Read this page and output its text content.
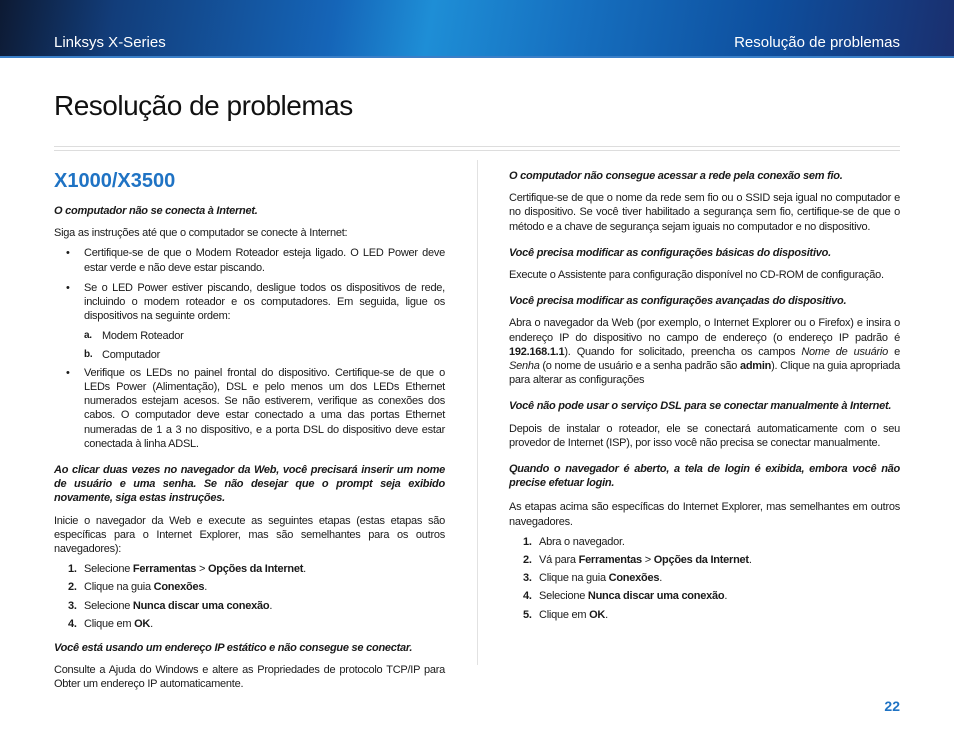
Linksys X-Series	Resolução de problemas
Resolução de problemas
X1000/X3500
O computador não se conecta à Internet.
Siga as instruções até que o computador se conecte à Internet:
• Certifique-se de que o Modem Roteador esteja ligado. O LED Power deve estar verde e não deve estar piscando.
• Se o LED Power estiver piscando, desligue todos os dispositivos de rede, incluindo o modem roteador e os computadores. Em seguida, ligue os dispositivos na seguinte ordem:
a. Modem Roteador
b. Computador
• Verifique os LEDs no painel frontal do dispositivo. Certifique-se de que o LEDs Power (Alimentação), DSL e pelo menos um dos LEDs Ethernet numerados estejam acesos. Se não estiverem, verifique as conexões dos cabos. O computador deve estar conectado a uma das portas Ethernet numeradas de 1 a 3 no dispositivo, e a porta DSL do dispositivo deve estar conectada à linha ADSL.
Ao clicar duas vezes no navegador da Web, você precisará inserir um nome de usuário e uma senha. Se não desejar que o prompt seja exibido novamente, siga estas instruções.
Inicie o navegador da Web e execute as seguintes etapas (estas etapas são específicas para o Internet Explorer, mas são semelhantes para os outros navegadores):
1. Selecione Ferramentas > Opções da Internet.
2. Clique na guia Conexões.
3. Selecione Nunca discar uma conexão.
4. Clique em OK.
Você está usando um endereço IP estático e não consegue se conectar.
Consulte a Ajuda do Windows e altere as Propriedades de protocolo TCP/IP para Obter um endereço IP automaticamente.
O computador não consegue acessar a rede pela conexão sem fio.
Certifique-se de que o nome da rede sem fio ou o SSID seja igual no computador e no dispositivo. Se você tiver habilitado a segurança sem fio, certifique-se de que o método e a chave de segurança sejam iguais no computador e no dispositivo.
Você precisa modificar as configurações básicas do dispositivo.
Execute o Assistente para configuração disponível no CD-ROM de configuração.
Você precisa modificar as configurações avançadas do dispositivo.
Abra o navegador da Web (por exemplo, o Internet Explorer ou o Firefox) e insira o endereço IP do dispositivo no campo de endereço (o endereço IP padrão é 192.168.1.1). Quando for solicitado, preencha os campos Nome de usuário e Senha (o nome de usuário e a senha padrão são admin). Clique na guia apropriada para alterar as configurações
Você não pode usar o serviço DSL para se conectar manualmente à Internet.
Depois de instalar o roteador, ele se conectará automaticamente com o seu provedor de Internet (ISP), por isso você não precisa se conectar manualmente.
Quando o navegador é aberto, a tela de login é exibida, embora você não precise efetuar login.
As etapas acima são específicas do Internet Explorer, mas semelhantes em outros navegadores.
1. Abra o navegador.
2. Vá para Ferramentas > Opções da Internet.
3. Clique na guia Conexões.
4. Selecione Nunca discar uma conexão.
5. Clique em OK.
22
